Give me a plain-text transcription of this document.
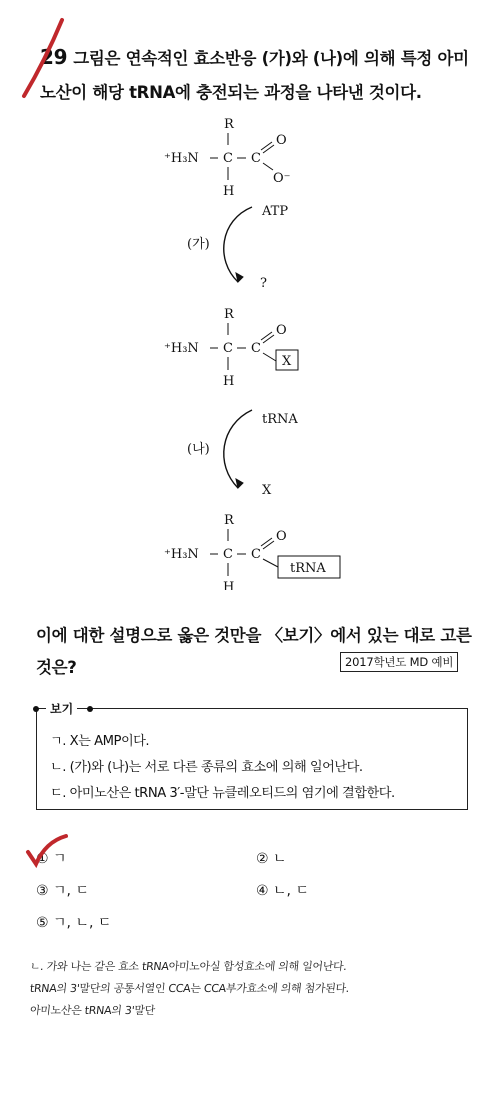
29 그림은 연속적인 효소반응 (가)와 (나)에 의해 특정 아미
노산이 해당 tRNA에 충전되는 과정을 나타낸 것이다.
R
⁺H₃N C C
O
O⁻
H
(가)
ATP
?
R
⁺H₃N C C
O
X
H
(나)
tRNA
X
R
⁺H₃N C C
O
tRNA
H
이에 대한 설명으로 옳은 것만을 〈보기〉에서 있는 대로 고른
것은?	2017학년도 MD 예비
보기
ㄱ. X는 AMP이다.
ㄴ. (가)와 (나)는 서로 다른 종류의 효소에 의해 일어난다.
ㄷ. 아미노산은 tRNA 3′-말단 뉴클레오티드의 염기에 결합한다.
① ㄱ	② ㄴ
③ ㄱ, ㄷ	④ ㄴ, ㄷ
⑤ ㄱ, ㄴ, ㄷ
ㄴ. 가와 나는 같은 효소 tRNA아미노아실 합성효소에 의해 일어난다.
tRNA의 3'말단의 공통서열인 CCA는 CCA부가효소에 의해 첨가된다.
아미노산은 tRNA의 3'말단
